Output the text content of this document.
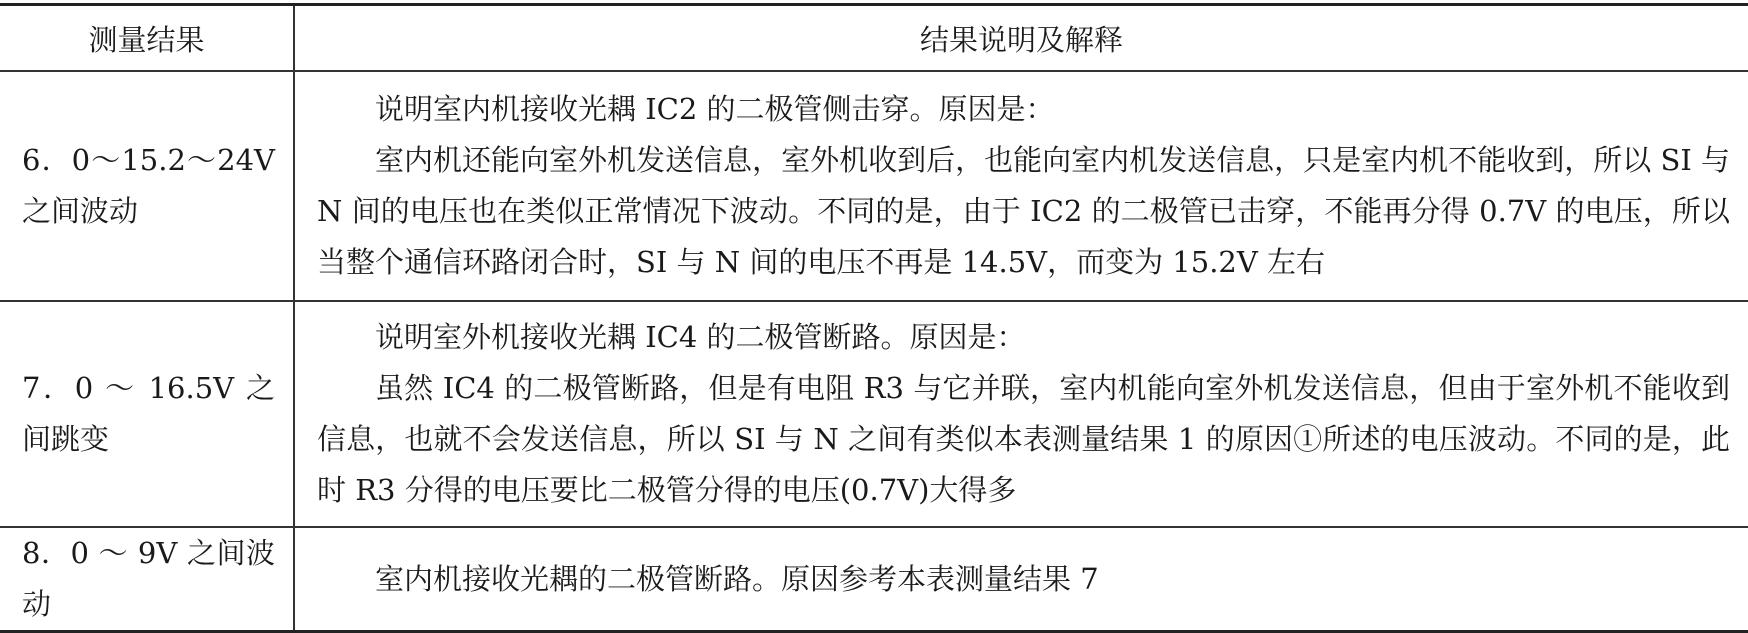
测量结果	结果说明及解释
6．0～15.2～24V之间波动	说明室内机接收光耦 IC2 的二极管侧击穿。原因是：

室内机还能向室外机发送信息，室外机收到后，也能向室内机发送信息，只是室内机不能收到，所以 SI 与 N 间的电压也在类似正常情况下波动。不同的是，由于 IC2 的二极管已击穿，不能再分得 0.7V 的电压，所以当整个通信环路闭合时，SI 与 N 间的电压不再是 14.5V，而变为 15.2V 左右

7．0 ～ 16.5V 之间跳变	说明室外机接收光耦 IC4 的二极管断路。原因是：

虽然 IC4 的二极管断路，但是有电阻 R3 与它并联，室内机能向室外机发送信息，但由于室外机不能收到信息，也就不会发送信息，所以 SI 与 N 之间有类似本表测量结果 1 的原因①所述的电压波动。不同的是，此时 R3 分得的电压要比二极管分得的电压(0.7V)大得多

8．0 ～ 9V 之间波动	室内机接收光耦的二极管断路。原因参考本表测量结果 7
